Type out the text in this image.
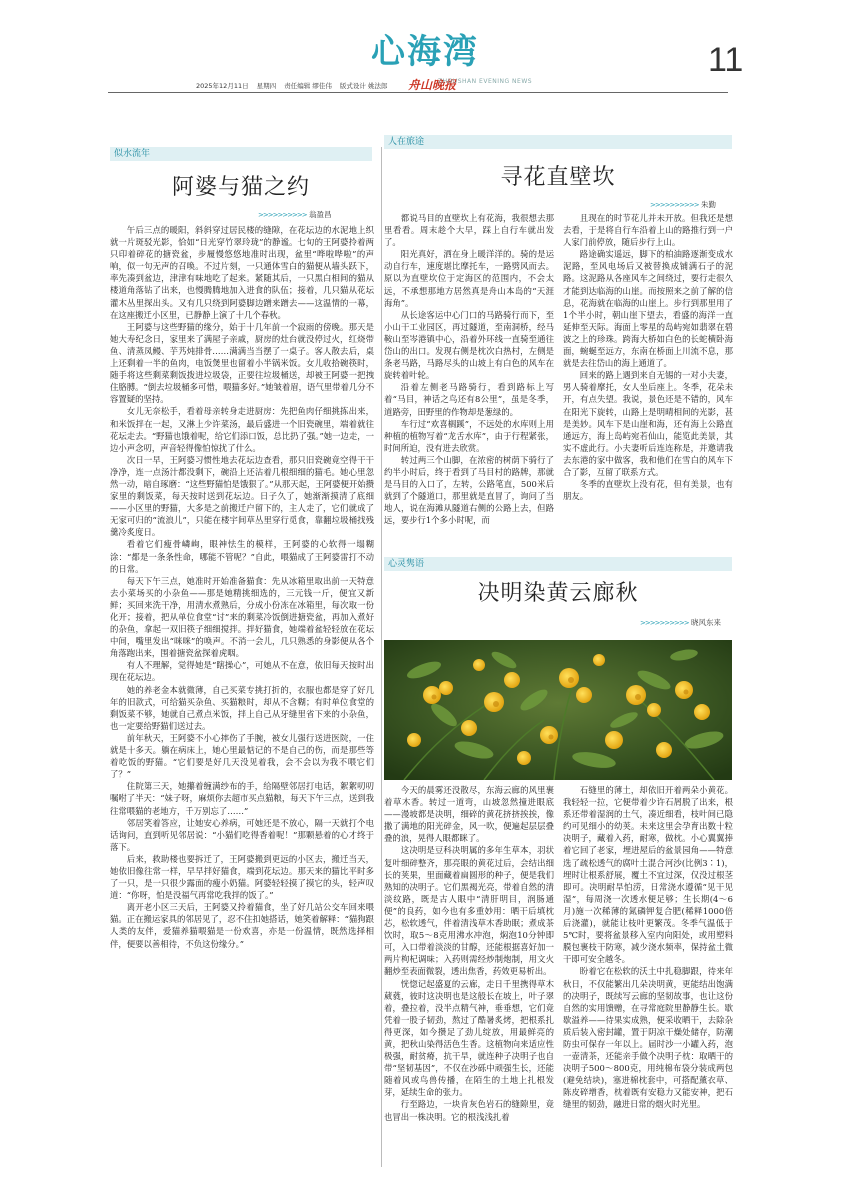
心海湾
舟山晚报
ZHOUSHAN EVENING NEWS
11
2025年12月11日 星期四 责任编辑 缪佳伟 版式设计 姚法郎
似水流年
阿婆与猫之约
>>>>>>>>>> 翁盈昌

午后三点的暖阳，斜斜穿过居民楼的缝隙，在花坛边的水泥地上织就一片斑驳光影，恰如“日光穿竹翠玲珑”的静谧。七旬的王阿婆拎着两只印着碎花的搪瓷盆，步履慢悠悠地准时出现，盆里“哗啦哗啦”的声响，似一句无声的召唤。不过片刻，一只通体雪白的猫便从墙头跃下，率先凑到盆边，津津有味地吃了起来。紧随其后，一只黑白相间的猫从楼道角落钻了出来，也慢腾腾地加入进食的队伍；接着，几只猫从花坛灌木丛里探出头。又有几只绕到阿婆脚边蹭来蹭去——这温情的一幕，在这座搬迁小区里，已静静上演了十几个春秋。

王阿婆与这些野猫的缘分，始于十几年前一个寂雨的傍晚。那天是她大寿纪念日，家里来了满屋子亲戚，厨房的灶台就没停过火，红烧带鱼、清蒸凤鳗、芋艿炖排骨……满满当当摆了一桌子。客人散去后，桌上还剩着一半的鱼肉，电饭煲里也留着小半锅米饭。女儿收拾碗筷时，随手将这些剩菜剩饭拨进垃圾袋，正要往垃圾桶送，却被王阿婆一把拽住胳膊。“倒去垃圾桶多可惜，喂猫多好。”她皱着眉，语气里带着几分不容置疑的坚持。

女儿无奈松手，看着母亲转身走进厨房：先把鱼肉仔细挑拣出来，和米饭拌在一起，又淋上少许菜汤，最后盛进一个旧瓷碗里，端着就往花坛走去。“野猫也饿着呢，给它们添口饭，总比扔了强。”她一边走，一边小声念叨，声音轻得像怕惊扰了什么。

次日一早，王阿婆习惯性地去花坛边查看，那只旧瓷碗竟空得干干净净，连一点汤汁都没剩下，碗沿上还沾着几根细细的猫毛。她心里忽然一动，暗自琢磨：“这些野猫怕是饿狠了。”从那天起，王阿婆便开始攒家里的剩饭菜，每天按时送到花坛边。日子久了，她渐渐摸清了底细——小区里的野猫，大多是之前搬迁户留下的，主人走了，它们就成了无家可归的“流浪儿”，只能在楼宇间草丛里穿行觅食，靠翻垃圾桶找残羹冷炙度日。

看着它们瘦骨嶙峋，眼神怯生的模样，王阿婆的心软得一塌糊涂：“都是一条条性命，哪能不管呢？”自此，喂猫成了王阿婆雷打不动的日常。

每天下午三点，她准时开始准备猫食：先从冰箱里取出前一天特意去小菜场买的小杂鱼——那是她精挑细选的，三元钱一斤，便宜又新鲜；买回来洗干净，用清水煮熟后，分成小份冻在冰箱里，每次取一份化开；接着，把从单位食堂“讨”来的剩菜冷饭倒进搪瓷盆，再加入煮好的杂鱼，拿起一双旧筷子细细搅拌。拌好猫食，她端着盆轻轻放在花坛中间，嘴里发出“咪咪”的唤声。不消一会儿，几只熟悉的身影便从各个角落跑出来，围着搪瓷盆探着虎咽。

有人不理解，觉得她是“瞎操心”，可她从不在意，依旧每天按时出现在花坛边。

她的养老金本就微薄，自己买菜专挑打折的，衣服也都是穿了好几年的旧款式，可给猫买杂鱼、买猫粮时，却从不含糊；有时单位食堂的剩饭菜不够，她就自己煮点米饭，拌上自己从牙缝里省下来的小杂鱼，也一定要给野猫们送过去。

前年秋天，王阿婆不小心摔伤了手腕，被女儿强行送进医院，一住就是十多天。躺在病床上，她心里最惦记的不是自己的伤，而是那些等着吃饭的野猫。“它们要是好几天没见着我，会不会以为我不喂它们了？”

住院第三天，她攥着缠满纱布的手，给隔壁邻居打电话，絮絮叨叨嘱咐了半天：“妹子呀，麻烦你去超市买点猫粮，每天下午三点，送到我往常喂猫的老地方，千万别忘了……”

邻居笑着答应，让她安心养病，可她还是不放心，隔一天就打个电话询问，直到听见邻居说：“小猫们吃得香着呢！”那颗悬着的心才终于落下。

后来，救助楼也要拆迁了，王阿婆搬到更远的小区去，搬迁当天，她依旧像往常一样，早早拌好猫食，端到花坛边。那天来的猫比平时多了一只，是一只很少露面的瘦小奶猫。阿婆轻轻摸了摸它的头，轻声叹道：“你呀，怕是没福气再常吃我拌的饭了。”

离开老小区三天后，王阿婆又拎着猫食，坐了好几站公交车回来喂猫。正在搬运家具的邻居见了，忍不住扣她搭话，她笑着解释：“猫狗跟人类的友伴，爱猫养猫喂猫是一份欢喜，亦是一份温情，既然选择相伴，便要以善相待，不负这份缘分。”

人在旅途
寻花直壁坎
>>>>>>>>>> 朱勤

都说马目的直壁坎上有花海，我很想去那里看看。周末趁个大早，踩上自行车就出发了。

阳光真好，洒在身上暖洋洋的。骑的是运动自行车，速度堪比摩托车，一路劈风而去。原以为直壁坎位于定海区的范围内，不会太远，不承想那地方居然真是舟山本岛的“天涯海角”。

从长途客运中心门口的马路骑行而下，至小山干工业园区，再过隧道，至南洞桥，经马鞍山至岑港镇中心，沿着外环线一直骑至通往岱山的出口。发现右侧是枕次白热村，左侧是条老马路，马路尽头的山坡上有白色的风车在旋转着叶轮。

沿着左侧老马路骑行，看到路标上写着“马目，神话之鸟还有8公里”，虽是冬季，道路旁，田野里的作物却是葱绿的。

车行过“欢喜榈蹊”，不远处的水库则上用种植的植物写着“龙舌水库”，由于行程紧张，时间所迫，没有进去欣赏。

转过两三个山脚，在浓密的树荫下骑行了约半小时后，终于看到了马目村的路牌，那就是马目的入口了，左转，公路笔直，500米后就到了个隧道口，那里就是直冒了，询问了当地人，说在海滩从隧道右侧的公路上去，但路远，要步行1个多小时呢，而

且现在的时节花儿并未开放。但我还是想去看，于是将自行车沿着上山的路推行到一户人家门前停放，随后步行上山。

路途确实遥远，脚下的柏油路逐渐变成水泥路，至风电场后又被替换成铺满石子的泥路。这泥路从各座风车之间绕过，要行走很久才能到达临海的山崖。而按照来之前了解的信息，花海就在临海的山崖上。步行到那里用了1个半小时，朝山崖下望去，看盛的海洋一直延伸至天际。海面上零星的岛屿宛如翡翠在碧波之上的珍珠。跨海大桥如白色的长蛇横卧海面，蜿蜒至远方，东南在桥面上川流不息，那就是去往岱山的海上通道了。

回来的路上遇到来自无锡的一对小夫妻，男人骑着摩托，女人坐后座上。冬季，花朵未开，有点失望。我说，景色还是不错的，风车在阳光下旋转，山路上是明晴相间的光影，甚是美妙。风车下是山崖和海，还有海上公路直通远方，海上岛屿宛若仙山，能览此美景，其实不虚此行。小夫妻听后连连称是，并邀请我去东港的家中做客，我和他们在雪白的风车下合了影，互留了联系方式。

冬季的直壁坎上没有花，但有美景，也有朋友。

心灵隽语
决明染黄云廊秋
>>>>>>>>>> 晓风东来

今天的晨雾还没散尽，东海云廊的风里裹着草木香。转过一道弯，山坡忽然撞进眼底——漫坡都是决明，细碎的黄花挤挤挨挨，像撒了满地的阳光碎金，风一吹，便遍起层层叠叠的浪，晃得人眼都眯了。

这决明是豆科决明属的多年生草本，羽状复叶细碎整齐，那亮眼的黄花过后，会结出细长的荚果，里面藏着扁圆形的种子，便是我们熟知的决明子。它们黑褐光亮，带着自然的清淡纹路，既是古人眼中“清肝明目，润肠通便”的良药，如今也有多重妙用：晒干后填枕芯，松软透气，伴着清浅草木香助眠；煮成茶饮时，取5～8克用沸水冲泡，焖泡10分钟即可，入口带着淡淡的甘醇，还能根据喜好加一两片枸杞调味；入药则需经炒制炮制，用文火翻炒至表面微裂，透出焦香，药效更易析出。

恍惚记起盛夏的云廊，走日千里携得草木葳蕤，彼时这决明也是这般长在坡上，叶子翠着，叠拉着，没半点精气神，垂垂想，它们竟凭着一股子韧劲，熬过了酷暑炙烤，把根系扎得更深，如今攒足了劲儿绽放，用最鲜亮的黄，把秋山染得活色生香。这植物向来适应性极强，耐贫瘠，抗干旱，就连种子决明子也自带“坚韧基因”，不仅在沙砾中顽强生长，还能随着风或鸟兽传播，在陌生的土地上扎根发芽，延续生命的张力。

行至路边，一块肯灰色岩石的缝隙里，竟也冒出一株决明。它的根浅浅扎着

石缝里的薄土，却依旧开着两朵小黄花。我轻轻一拉，它便带着少许石屑脱了出来，根系还带着湿润的土气，凑近细看，枝叶间已隐约可见细小的幼荚。未来这里会孕育出数十粒决明子，藏着入药，耐寒，做枕。小心翼翼捧着它回了老家，埋进屋后的盆景园角——特意选了疏松透气的腐叶土混合河沙(比例3∶1)，埋时让根系舒展，覆土不宜过深，仅没过根茎即可。决明耐旱怕涝，日常浇水遵循“见干见湿”，每周浇一次透水便足够；生长期(4～6月)施一次稀薄的氮磷钾复合肥(稀释1000倍后浇灌)，就能让枝叶更繁茂。冬季气温低于5℃时，要将盆景移入室内向阳处，或用塑料膜包裹枝干防寒，减少浇水频率，保持盆土微干即可安全越冬。

盼着它在松软的沃土中扎稳脚跟，待来年秋日，不仅能繁出几朵决明黄，更能结出饱满的决明子，既续写云廊的坚韧故事，也让这份自然的实用馈赠，在寻常庭院里静静生长。歇歇溢养——待果实成熟，便采收晒干，去除杂质后装入密封罐，置于阴凉干燥处储存，防潮防虫可保存一年以上。届时沙一小罐入药，泡一壶清茶，还能亲手做个决明子枕：取晒干的决明子500～800克，用纯棉布袋分装成两包(避免结块)，塞进棉枕套中，可搭配薰衣草、陈皮碎增香，枕着既有安稳力又能安神，把石缝里的韧劲，融进日常的烟火时光里。
